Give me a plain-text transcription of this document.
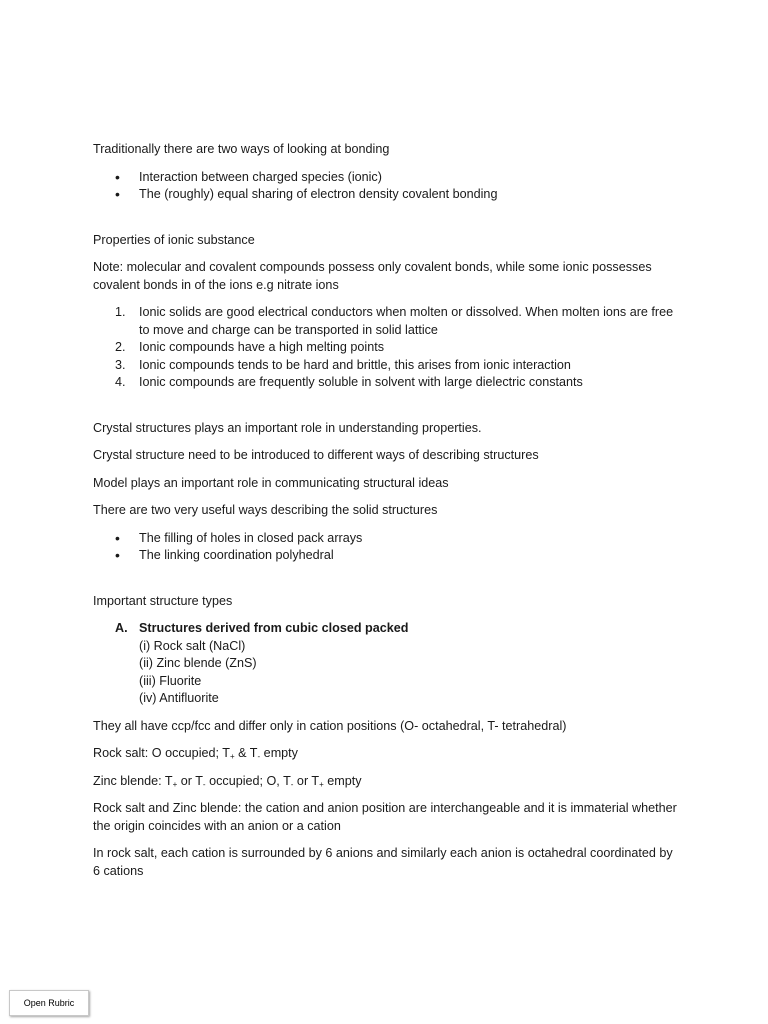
Traditionally there are two ways of looking at bonding

• Interaction between charged species (ionic)
• The (roughly) equal sharing of electron density covalent bonding

Properties of ionic substance

Note: molecular and covalent compounds possess only covalent bonds, while some ionic possesses covalent bonds in of the ions e.g nitrate ions

1. Ionic solids are good electrical conductors when molten or dissolved. When molten ions are free to move and charge can be transported in solid lattice
2. Ionic compounds have a high melting points
3. Ionic compounds tends to be hard and brittle, this arises from ionic interaction
4. Ionic compounds are frequently soluble in solvent with large dielectric constants

Crystal structures plays an important role in understanding properties.

Crystal structure need to be introduced to different ways of describing structures

Model plays an important role in communicating structural ideas

There are two very useful ways describing the solid structures

• The filling of holes in closed pack arrays
• The linking coordination polyhedral

Important structure types

A. Structures derived from cubic closed packed
(i) Rock salt (NaCl)
(ii) Zinc blende (ZnS)
(iii) Fluorite
(iv) Antifluorite

They all have ccp/fcc and differ only in cation positions (O- octahedral, T- tetrahedral)

Rock salt: O occupied; $T_+$ & $T_-$ empty

Zinc blende: $T_+$ or $T_-$ occupied; O, $T_-$ or $T_+$ empty

Rock salt and Zinc blende: the cation and anion position are interchangeable and it is immaterial whether the origin coincides with an anion or a cation

In rock salt, each cation is surrounded by 6 anions and similarly each anion is octahedral coordinated by 6 cations

Open Rubric
